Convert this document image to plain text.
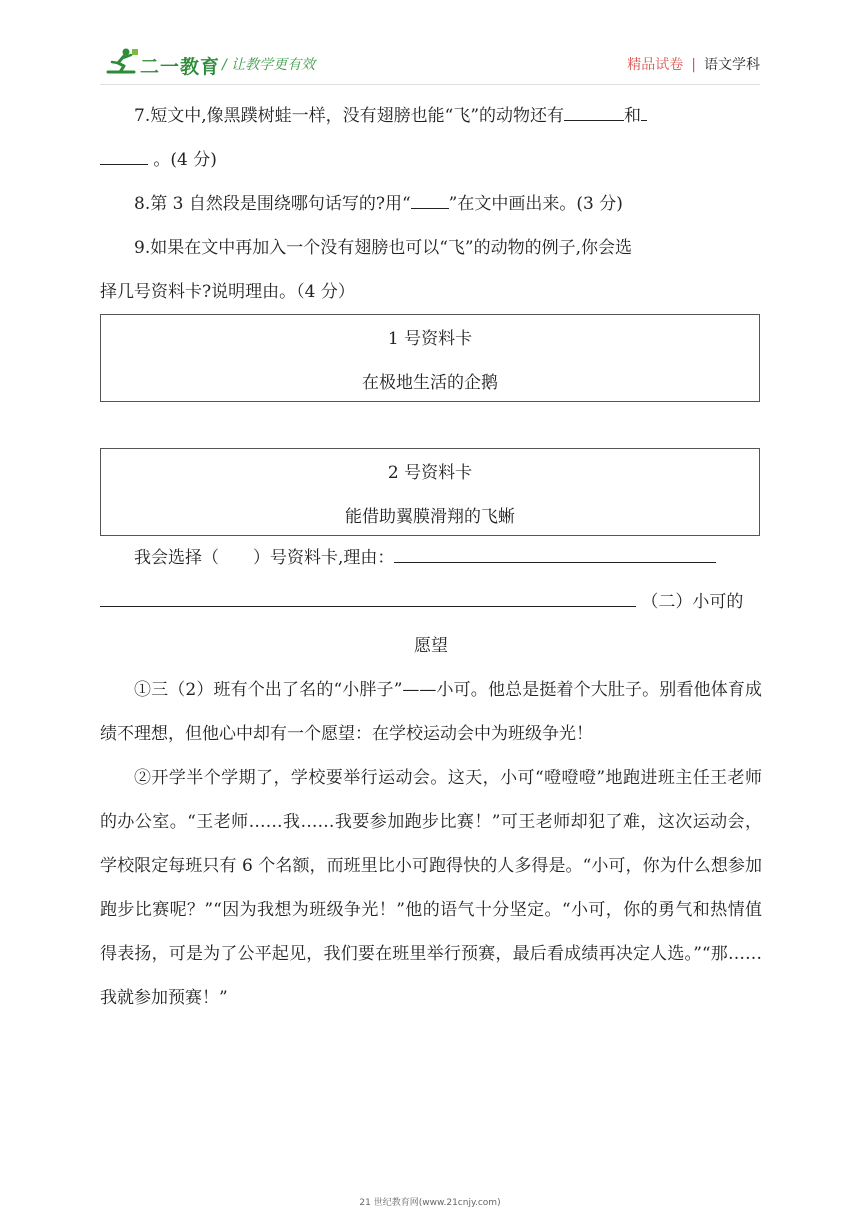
二一教育 / 让教学更有效	精品试卷 | 语文学科

7.短文中,像黑蹼树蛙一样，没有翅膀也能“飞”的动物还有	和

。(4 分)

8.第 3 自然段是围绕哪句话写的?用“ ”在文中画出来。(3 分)

9.如果在文中再加入一个没有翅膀也可以“飞”的动物的例子,你会选

择几号资料卡?说明理由。（4 分）

1 号资料卡
在极地生活的企鹅
2 号资料卡
能借助翼膜滑翔的飞蜥

我会选择（　　）号资料卡,理由：

（二）小可的

愿望

①三（2）班有个出了名的“小胖子”——小可。他总是挺着个大肚子。别看他体育成绩不理想，但他心中却有一个愿望：在学校运动会中为班级争光！

②开学半个学期了，学校要举行运动会。这天，小可“噔噔噔”地跑进班主任王老师的办公室。“王老师……我……我要参加跑步比赛！”可王老师却犯了难，这次运动会，学校限定每班只有 6 个名额，而班里比小可跑得快的人多得是。“小可，你为什么想参加跑步比赛呢？”“因为我想为班级争光！”他的语气十分坚定。“小可，你的勇气和热情值得表扬，可是为了公平起见，我们要在班里举行预赛，最后看成绩再决定人选。”“那……我就参加预赛！”

21 世纪教育网(www.21cnjy.com)
